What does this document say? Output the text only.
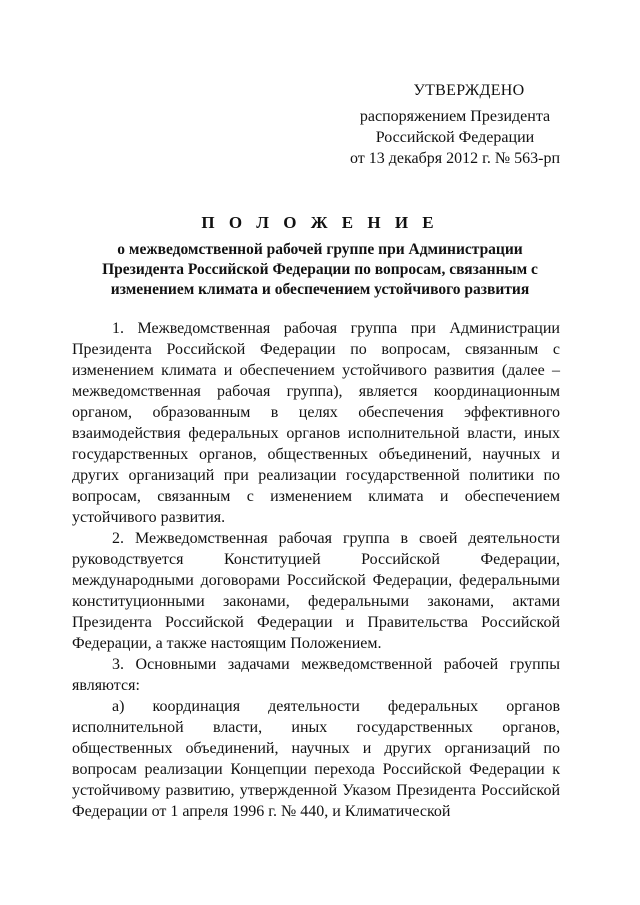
УТВЕРЖДЕНО
распоряжением Президента
Российской Федерации
от 13 декабря 2012 г. № 563-рп
П О Л О Ж Е Н И Е
о межведомственной рабочей группе при Администрации
Президента Российской Федерации по вопросам, связанным с
изменением климата и обеспечением устойчивого развития

1. Межведомственная рабочая группа при Администрации Президента Российской Федерации по вопросам, связанным с изменением климата и обеспечением устойчивого развития (далее – межведомственная рабочая группа), является координационным органом, образованным в целях обеспечения эффективного взаимодействия федеральных органов исполнительной власти, иных государственных органов, общественных объединений, научных и других организаций при реализации государственной политики по вопросам, связанным с изменением климата и обеспечением устойчивого развития.

2. Межведомственная рабочая группа в своей деятельности руководствуется Конституцией Российской Федерации, международными договорами Российской Федерации, федеральными конституционными законами, федеральными законами, актами Президента Российской Федерации и Правительства Российской Федерации, а также настоящим Положением.

3. Основными задачами межведомственной рабочей группы являются:

а) координация деятельности федеральных органов исполнительной власти, иных государственных органов, общественных объединений, научных и других организаций по вопросам реализации Концепции перехода Российской Федерации к устойчивому развитию, утвержденной Указом Президента Российской Федерации от 1 апреля 1996 г. № 440, и Климатической
